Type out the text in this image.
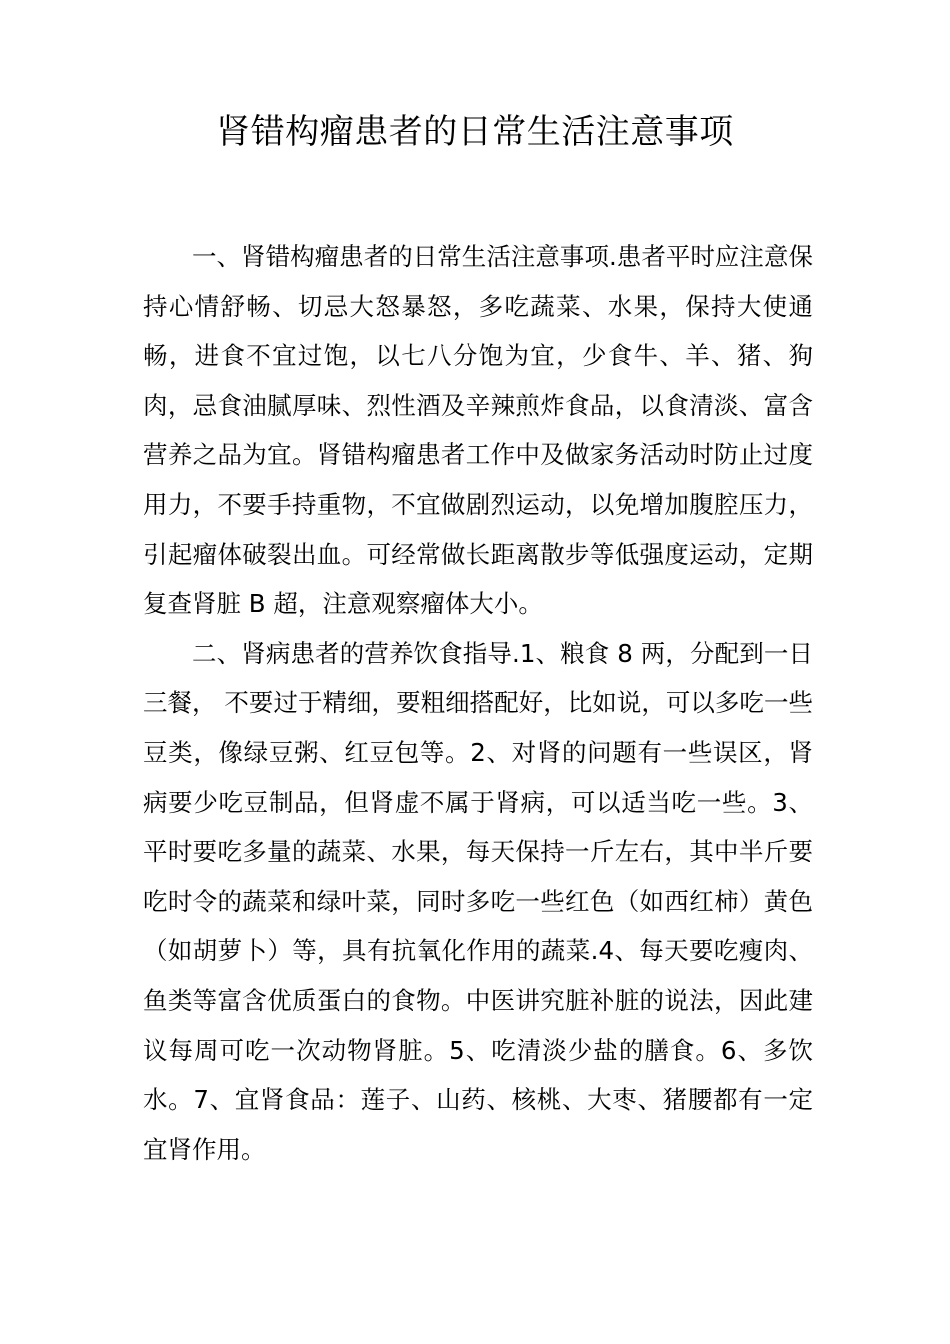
肾错构瘤患者的日常生活注意事项

一、肾错构瘤患者的日常生活注意事项.患者平时应注意保持心情舒畅、切忌大怒暴怒，多吃蔬菜、水果，保持大使通畅，进食不宜过饱，以七八分饱为宜，少食牛、羊、猪、狗肉，忌食油腻厚味、烈性酒及辛辣煎炸食品，以食清淡、富含营养之品为宜。肾错构瘤患者工作中及做家务活动时防止过度用力，不要手持重物，不宜做剧烈运动，以免增加腹腔压力，引起瘤体破裂出血。可经常做长距离散步等低强度运动，定期复查肾脏 B 超，注意观察瘤体大小。

二、肾病患者的营养饮食指导.1、粮食 8 两，分配到一日三餐， 不要过于精细，要粗细搭配好，比如说，可以多吃一些豆类，像绿豆粥、红豆包等。2、对肾的问题有一些误区，肾病要少吃豆制品，但肾虚不属于肾病，可以适当吃一些。3、平时要吃多量的蔬菜、水果，每天保持一斤左右，其中半斤要吃时令的蔬菜和绿叶菜，同时多吃一些红色（如西红柿）黄色（如胡萝卜）等，具有抗氧化作用的蔬菜.4、每天要吃瘦肉、鱼类等富含优质蛋白的食物。中医讲究脏补脏的说法，因此建议每周可吃一次动物肾脏。5、吃清淡少盐的膳食。6、多饮水。7、宜肾食品：莲子、山药、核桃、大枣、猪腰都有一定宜肾作用。
